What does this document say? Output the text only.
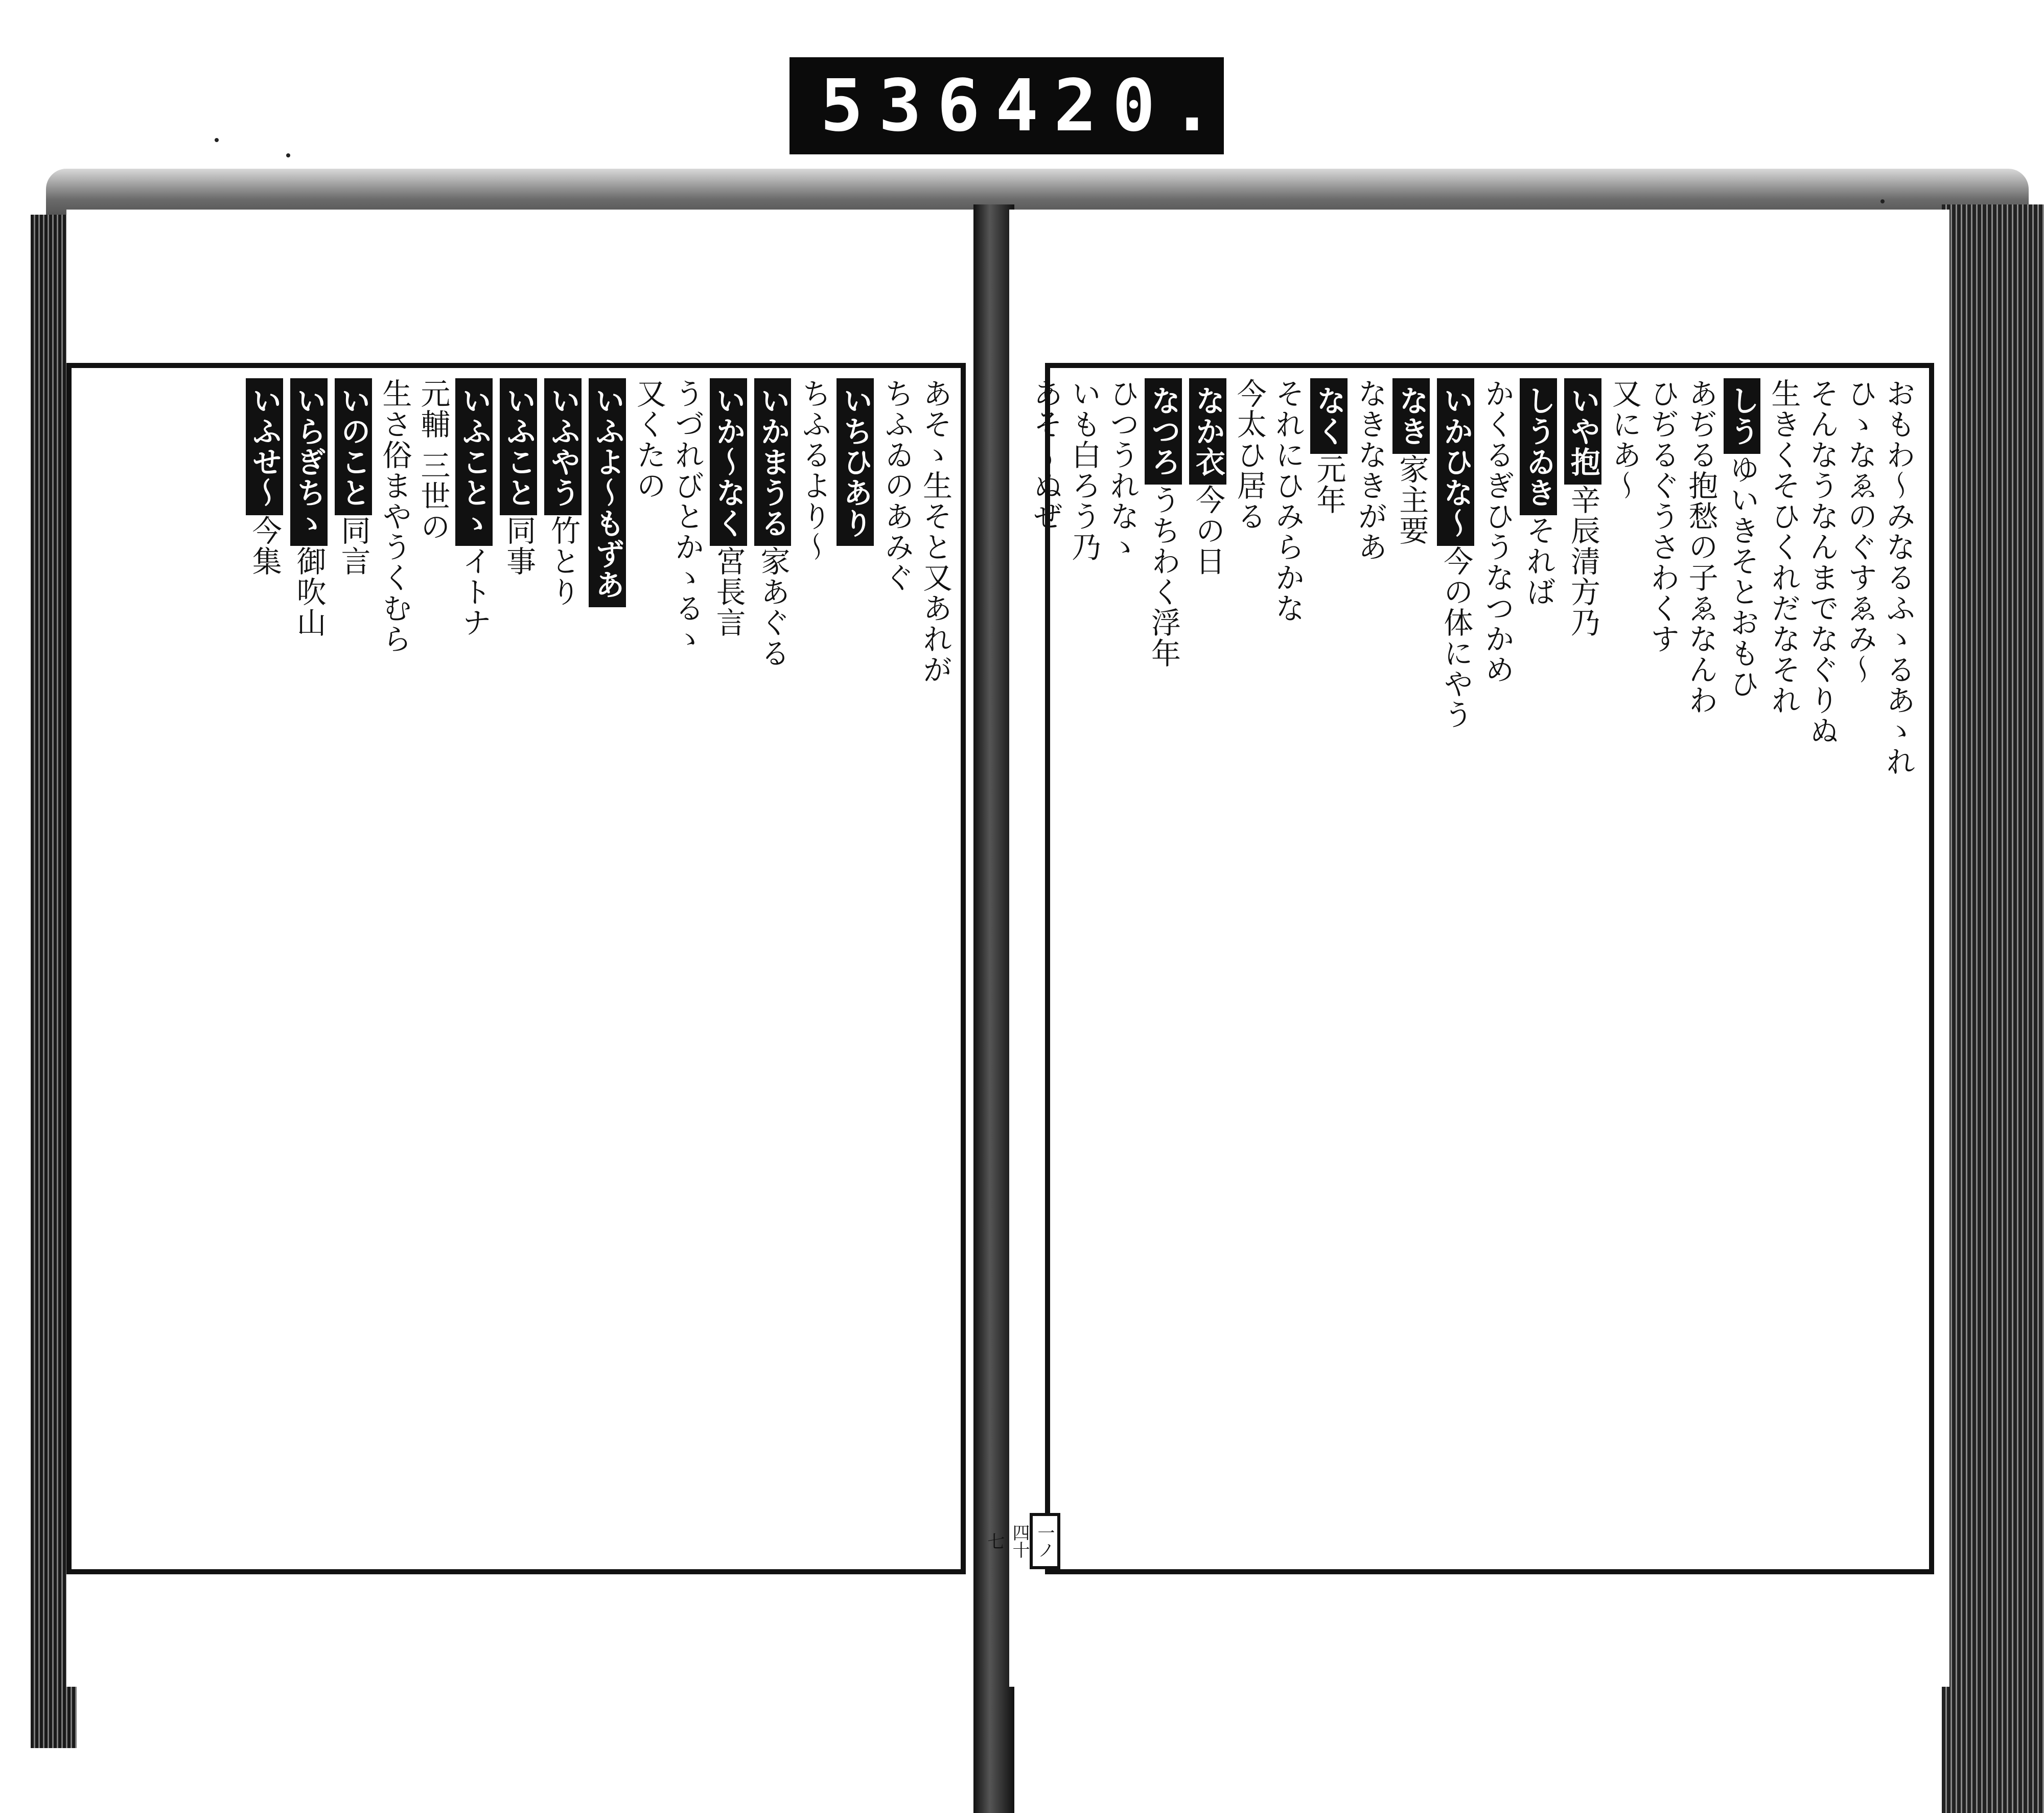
536 420.
あそゝ生そと又あれが
ちふゐのあみぐ
いちひあり
ちふるより〜
いかまうる家あぐる
いか〜なく宮長言
うづれびとかゝるゝ
又くたの
いふよ〜もずあ
いふやう竹とり
いふこと同事
いふことゝイトナ
元輔 三世の
生さ俗まやうくむら
いのこと同言
いらぎちゝ御吹山
いふせ〜今集	おもわ〜みなるふゝるあゝれ
ひゝなゑのぐすゑみ〜
そんなうなんまでなぐりぬ
生きくそひくれだなそれ
しうゆいきそとおもひ
あぢる抱愁の子ゑなんわ
ひぢるぐうさわくす
又にあ〜
いや抱辛辰清方乃
しうゐきそれば
かくるぎひうなつかめ
いかひな〜今の体にやう
なき家主要
なきなきがあ
なく元年
それにひみらかな
今太ひ居る
なか衣今の日
なつろうちわく浮年
ひつうれなゝ
いも白ろう乃
あそ〜ぬぜ
一ノ四十七
